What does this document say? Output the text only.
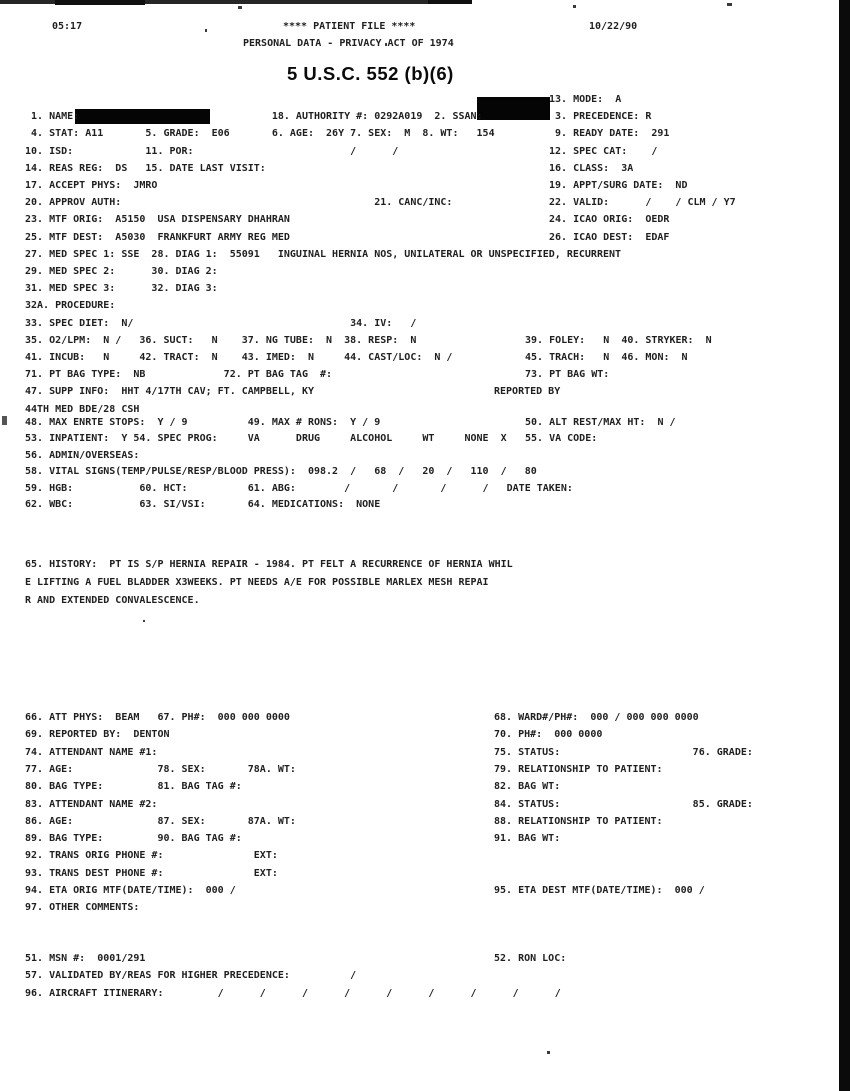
05:17	**** PATIENT FILE ****	10/22/90
PERSONAL DATA - PRIVACY ACT OF 1974
5 U.S.C. 552 (b)(6)
13. MODE:  A
1. NAME:                                18. AUTHORITY #: 0292A019  2. SSAN:	3. PRECEDENCE: R
4. STAT: A11       5. GRADE:  E06       6. AGE:  26Y 7. SEX:  M  8. WT:   154	9. READY DATE:  291
10. ISD:            11. POR:                          /      /	12. SPEC CAT:    /
14. REAS REG:  DS   15. DATE LAST VISIT:	16. CLASS:  3A
17. ACCEPT PHYS:  JMRO	19. APPT/SURG DATE:  ND
20. APPROV AUTH:                                          21. CANC/INC:	22. VALID:      /    / CLM / Y7
23. MTF ORIG:  A5150  USA DISPENSARY DHAHRAN	24. ICAO ORIG:  OEDR
25. MTF DEST:  A5030  FRANKFURT ARMY REG MED	26. ICAO DEST:  EDAF
27. MED SPEC 1: SSE  28. DIAG 1:  55091   INGUINAL HERNIA NOS, UNILATERAL OR UNSPECIFIED, RECURRENT
29. MED SPEC 2:      30. DIAG 2:
31. MED SPEC 3:      32. DIAG 3:
32A. PROCEDURE:
33. SPEC DIET:  N/                                    34. IV:   /
35. O2/LPM:  N /   36. SUCT:   N    37. NG TUBE:  N  38. RESP:  N	39. FOLEY:   N  40. STRYKER:  N
41. INCUB:   N     42. TRACT:  N    43. IMED:  N     44. CAST/LOC:  N /	45. TRACH:   N  46. MON:  N
71. PT BAG TYPE:  NB             72. PT BAG TAG  #:	73. PT BAG WT:
47. SUPP INFO:  HHT 4/17TH CAV; FT. CAMPBELL, KY	REPORTED BY
44TH MED BDE/28 CSH
48. MAX ENRTE STOPS:  Y / 9          49. MAX # RONS:  Y / 9	50. ALT REST/MAX HT:  N /
53. INPATIENT:  Y 54. SPEC PROG:     VA      DRUG     ALCOHOL     WT     NONE  X 55. VA CODE:
56. ADMIN/OVERSEAS:
58. VITAL SIGNS(TEMP/PULSE/RESP/BLOOD PRESS):  098.2  /   68  /   20  /   110  /   80
59. HGB:           60. HCT:          61. ABG:        /       /       /      /   DATE TAKEN:
62. WBC:           63. SI/VSI:       64. MEDICATIONS:  NONE
65. HISTORY:  PT IS S/P HERNIA REPAIR - 1984. PT FELT A RECURRENCE OF HERNIA WHIL
E LIFTING A FUEL BLADDER X3WEEKS. PT NEEDS A/E FOR POSSIBLE MARLEX MESH REPAI
R AND EXTENDED CONVALESCENCE.
66. ATT PHYS:  BEAM   67. PH#:  000 000 0000	68. WARD#/PH#:  000 / 000 000 0000
69. REPORTED BY:  DENTON	70. PH#:  000 0000
74. ATTENDANT NAME #1:	75. STATUS:                      76. GRADE:
77. AGE:              78. SEX:       78A. WT:	79. RELATIONSHIP TO PATIENT:
80. BAG TYPE:         81. BAG TAG #:	82. BAG WT:
83. ATTENDANT NAME #2:	84. STATUS:                      85. GRADE:
86. AGE:              87. SEX:       87A. WT:	88. RELATIONSHIP TO PATIENT:
89. BAG TYPE:         90. BAG TAG #:	91. BAG WT:
92. TRANS ORIG PHONE #:               EXT:
93. TRANS DEST PHONE #:               EXT:
94. ETA ORIG MTF(DATE/TIME):  000 /	95. ETA DEST MTF(DATE/TIME):  000 /
97. OTHER COMMENTS:
51. MSN #:  0001/291	52. RON LOC:
57. VALIDATED BY/REAS FOR HIGHER PRECEDENCE:          /
96. AIRCRAFT ITINERARY:         /      /      /      /      /      /      /      /      /
